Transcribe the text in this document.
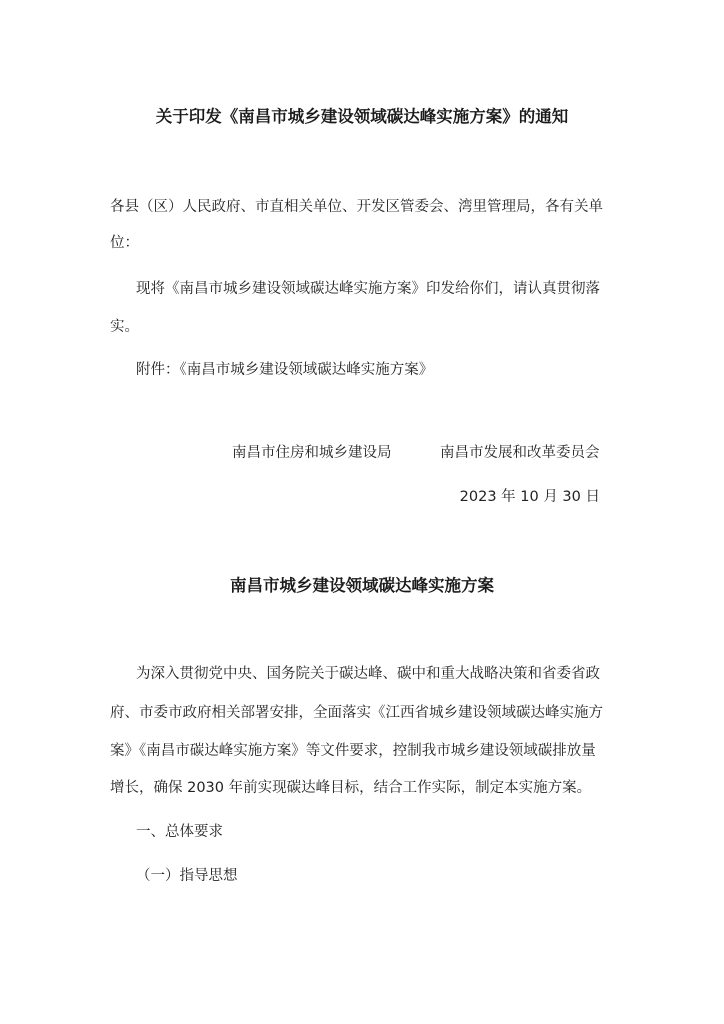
关于印发《南昌市城乡建设领域碳达峰实施方案》的通知
各县（区）人民政府、市直相关单位、开发区管委会、湾里管理局，各有关单
位：
现将《南昌市城乡建设领域碳达峰实施方案》印发给你们，请认真贯彻落
实。
附件：《南昌市城乡建设领域碳达峰实施方案》
南昌市住房和城乡建设局	南昌市发展和改革委员会
2023 年 10 月 30 日
南昌市城乡建设领域碳达峰实施方案
为深入贯彻党中央、国务院关于碳达峰、碳中和重大战略决策和省委省政
府、市委市政府相关部署安排，全面落实《江西省城乡建设领域碳达峰实施方
案》《南昌市碳达峰实施方案》等文件要求，控制我市城乡建设领域碳排放量
增长，确保 2030 年前实现碳达峰目标，结合工作实际，制定本实施方案。
一、总体要求
（一）指导思想
